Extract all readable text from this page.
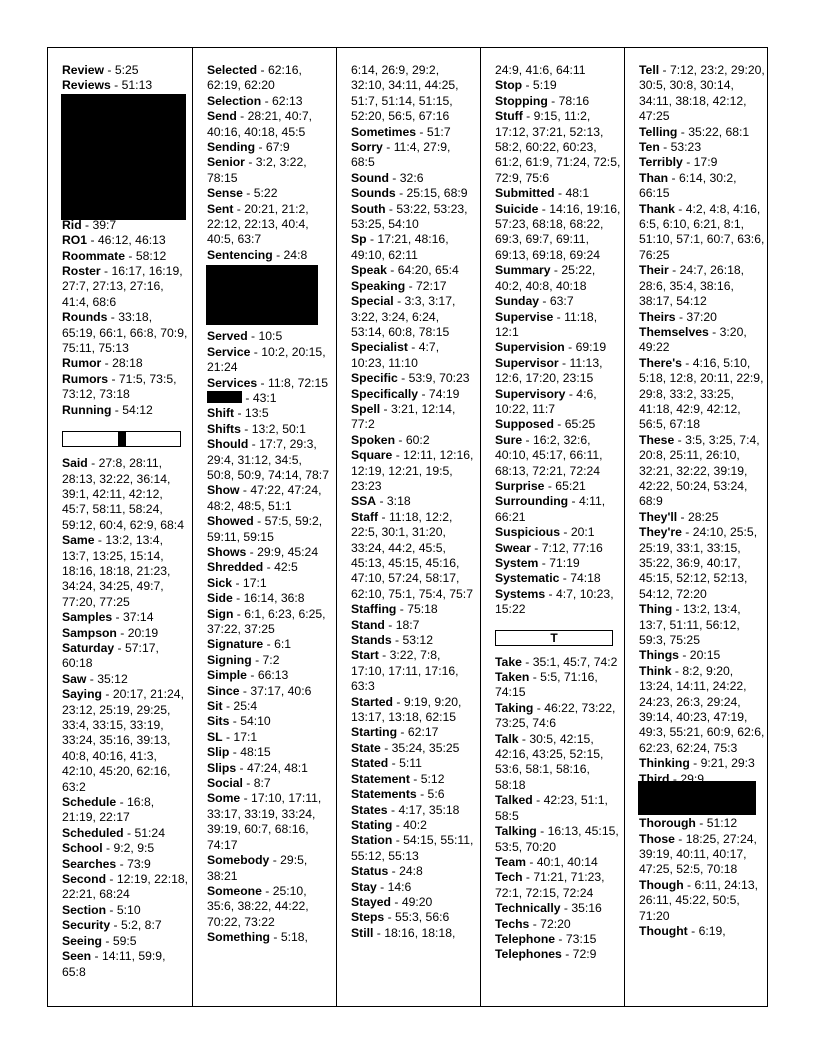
Review - 5:25

Reviews - 51:13

Rid - 39:7

RO1 - 46:12, 46:13

Roommate - 58:12

Roster - 16:17, 16:19, 27:7, 27:13, 27:16, 41:4, 68:6

Rounds - 33:18, 65:19, 66:1, 66:8, 70:9, 75:11, 75:13

Rumor - 28:18

Rumors - 71:5, 73:5, 73:12, 73:18

Running - 54:12

Said - 27:8, 28:11, 28:13, 32:22, 36:14, 39:1, 42:11, 42:12, 45:7, 58:11, 58:24, 59:12, 60:4, 62:9, 68:4

Same - 13:2, 13:4, 13:7, 13:25, 15:14, 18:16, 18:18, 21:23, 34:24, 34:25, 49:7, 77:20, 77:25

Samples - 37:14

Sampson - 20:19

Saturday - 57:17, 60:18

Saw - 35:12

Saying - 20:17, 21:24, 23:12, 25:19, 29:25, 33:4, 33:15, 33:19, 33:24, 35:16, 39:13, 40:8, 40:16, 41:3, 42:10, 45:20, 62:16, 63:2

Schedule - 16:8, 21:19, 22:17

Scheduled - 51:24

School - 9:2, 9:5

Searches - 73:9

Second - 12:19, 22:18, 22:21, 68:24

Section - 5:10

Security - 5:2, 8:7

Seeing - 59:5

Seen - 14:11, 59:9, 65:8

Selected - 62:16, 62:19, 62:20

Selection - 62:13

Send - 28:21, 40:7, 40:16, 40:18, 45:5

Sending - 67:9

Senior - 3:2, 3:22, 78:15

Sense - 5:22

Sent - 20:21, 21:2, 22:12, 22:13, 40:4, 40:5, 63:7

Sentencing - 24:8

Served - 10:5

Service - 10:2, 20:15, 21:24

Services - 11:8, 72:15

- 43:1

Shift - 13:5

Shifts - 13:2, 50:1

Should - 17:7, 29:3, 29:4, 31:12, 34:5, 50:8, 50:9, 74:14, 78:7

Show - 47:22, 47:24, 48:2, 48:5, 51:1

Showed - 57:5, 59:2, 59:11, 59:15

Shows - 29:9, 45:24

Shredded - 42:5

Sick - 17:1

Side - 16:14, 36:8

Sign - 6:1, 6:23, 6:25, 37:22, 37:25

Signature - 6:1

Signing - 7:2

Simple - 66:13

Since - 37:17, 40:6

Sit - 25:4

Sits - 54:10

SL - 17:1

Slip - 48:15

Slips - 47:24, 48:1

Social - 8:7

Some - 17:10, 17:11, 33:17, 33:19, 33:24, 39:19, 60:7, 68:16, 74:17

Somebody - 29:5, 38:21

Someone - 25:10, 35:6, 38:22, 44:22, 70:22, 73:22

Something - 5:18,

6:14, 26:9, 29:2, 32:10, 34:11, 44:25, 51:7, 51:14, 51:15, 52:20, 56:5, 67:16

Sometimes - 51:7

Sorry - 11:4, 27:9, 68:5

Sound - 32:6

Sounds - 25:15, 68:9

South - 53:22, 53:23, 53:25, 54:10

Sp - 17:21, 48:16, 49:10, 62:11

Speak - 64:20, 65:4

Speaking - 72:17

Special - 3:3, 3:17, 3:22, 3:24, 6:24, 53:14, 60:8, 78:15

Specialist - 4:7, 10:23, 11:10

Specific - 53:9, 70:23

Specifically - 74:19

Spell - 3:21, 12:14, 77:2

Spoken - 60:2

Square - 12:11, 12:16, 12:19, 12:21, 19:5, 23:23

SSA - 3:18

Staff - 11:18, 12:2, 22:5, 30:1, 31:20, 33:24, 44:2, 45:5, 45:13, 45:15, 45:16, 47:10, 57:24, 58:17, 62:10, 75:1, 75:4, 75:7

Staffing - 75:18

Stand - 18:7

Stands - 53:12

Start - 3:22, 7:8, 17:10, 17:11, 17:16, 63:3

Started - 9:19, 9:20, 13:17, 13:18, 62:15

Starting - 62:17

State - 35:24, 35:25

Stated - 5:11

Statement - 5:12

Statements - 5:6

States - 4:17, 35:18

Stating - 40:2

Station - 54:15, 55:11, 55:12, 55:13

Status - 24:8

Stay - 14:6

Stayed - 49:20

Steps - 55:3, 56:6

Still - 18:16, 18:18,

24:9, 41:6, 64:11

Stop - 5:19

Stopping - 78:16

Stuff - 9:15, 11:2, 17:12, 37:21, 52:13, 58:2, 60:22, 60:23, 61:2, 61:9, 71:24, 72:5, 72:9, 75:6

Submitted - 48:1

Suicide - 14:16, 19:16, 57:23, 68:18, 68:22, 69:3, 69:7, 69:11, 69:13, 69:18, 69:24

Summary - 25:22, 40:2, 40:8, 40:18

Sunday - 63:7

Supervise - 11:18, 12:1

Supervision - 69:19

Supervisor - 11:13, 12:6, 17:20, 23:15

Supervisory - 4:6, 10:22, 11:7

Supposed - 65:25

Sure - 16:2, 32:6, 40:10, 45:17, 66:11, 68:13, 72:21, 72:24

Surprise - 65:21

Surrounding - 4:11, 66:21

Suspicious - 20:1

Swear - 7:12, 77:16

System - 71:19

Systematic - 74:18

Systems - 4:7, 10:23, 15:22

T

Take - 35:1, 45:7, 74:2

Taken - 5:5, 71:16, 74:15

Taking - 46:22, 73:22, 73:25, 74:6

Talk - 30:5, 42:15, 42:16, 43:25, 52:15, 53:6, 58:1, 58:16, 58:18

Talked - 42:23, 51:1, 58:5

Talking - 16:13, 45:15, 53:5, 70:20

Team - 40:1, 40:14

Tech - 71:21, 71:23, 72:1, 72:15, 72:24

Technically - 35:16

Techs - 72:20

Telephone - 73:15

Telephones - 72:9

Tell - 7:12, 23:2, 29:20, 30:5, 30:8, 30:14, 34:11, 38:18, 42:12, 47:25

Telling - 35:22, 68:1

Ten - 53:23

Terribly - 17:9

Than - 6:14, 30:2, 66:15

Thank - 4:2, 4:8, 4:16, 6:5, 6:10, 6:21, 8:1, 51:10, 57:1, 60:7, 63:6, 76:25

Their - 24:7, 26:18, 28:6, 35:4, 38:16, 38:17, 54:12

Theirs - 37:20

Themselves - 3:20, 49:22

There's - 4:16, 5:10, 5:18, 12:8, 20:11, 22:9, 29:8, 33:2, 33:25, 41:18, 42:9, 42:12, 56:5, 67:18

These - 3:5, 3:25, 7:4, 20:8, 25:11, 26:10, 32:21, 32:22, 39:19, 42:22, 50:24, 53:24, 68:9

They'll - 28:25

They're - 24:10, 25:5, 25:19, 33:1, 33:15, 35:22, 36:9, 40:17, 45:15, 52:12, 52:13, 54:12, 72:20

Thing - 13:2, 13:4, 13:7, 51:11, 56:12, 59:3, 75:25

Things - 20:15

Think - 8:2, 9:20, 13:24, 14:11, 24:22, 24:23, 26:3, 29:24, 39:14, 40:23, 47:19, 49:3, 55:21, 60:9, 62:6, 62:23, 62:24, 75:3

Thinking - 9:21, 29:3

Third - 29:9

Thorough - 51:12

Those - 18:25, 27:24, 39:19, 40:11, 40:17, 47:25, 52:5, 70:18

Though - 6:11, 24:13, 26:11, 45:22, 50:5, 71:20

Thought - 6:19,
